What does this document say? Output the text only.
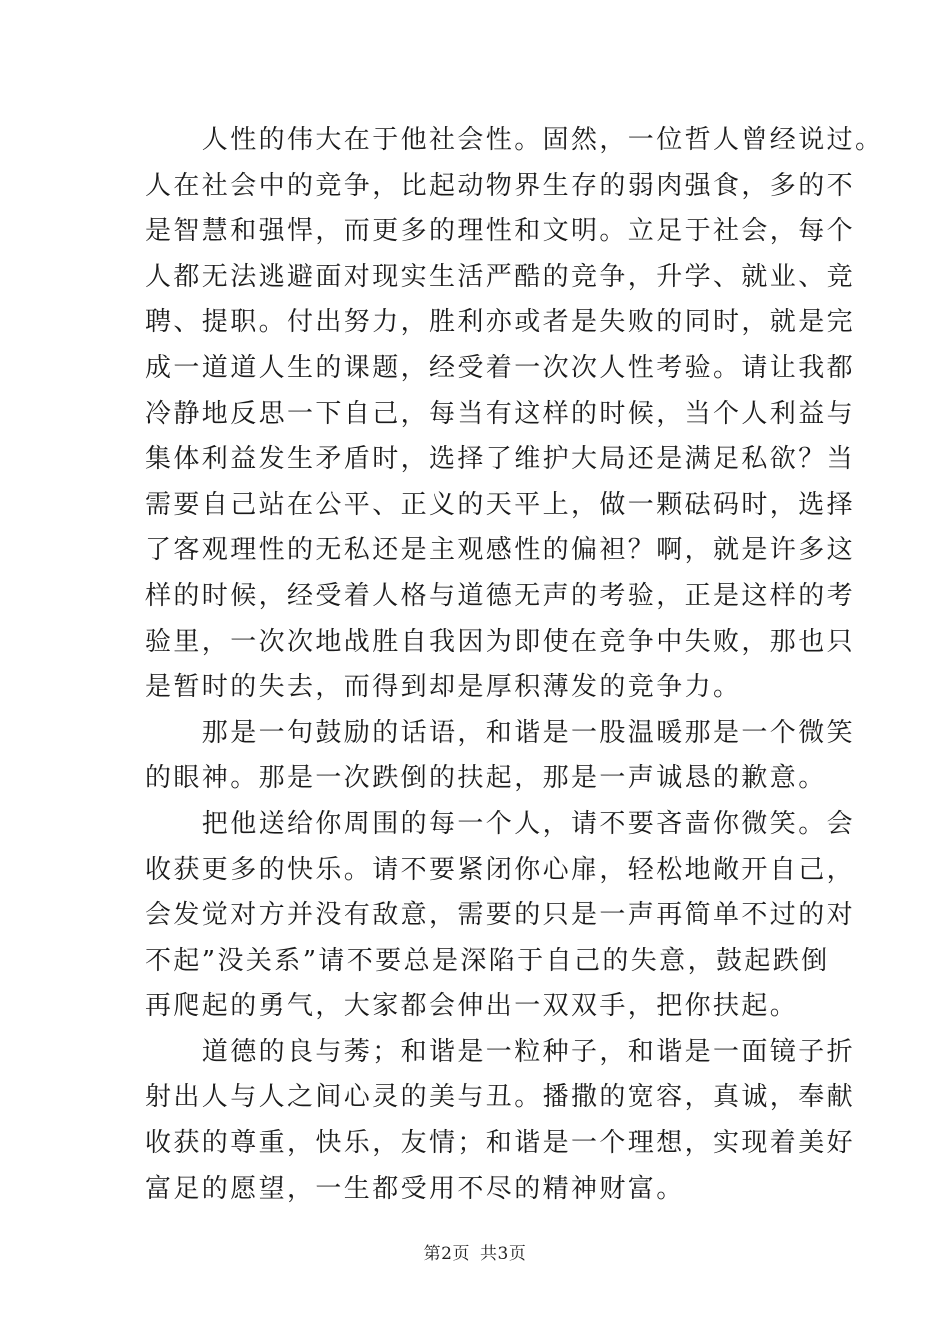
　　人性的伟大在于他社会性。固然，一位哲人曾经说过。
人在社会中的竞争，比起动物界生存的弱肉强食，多的不
是智慧和强悍，而更多的理性和文明。立足于社会，每个
人都无法逃避面对现实生活严酷的竞争，升学、就业、竞
聘、提职。付出努力，胜利亦或者是失败的同时，就是完
成一道道人生的课题，经受着一次次人性考验。请让我都
冷静地反思一下自己，每当有这样的时候，当个人利益与
集体利益发生矛盾时，选择了维护大局还是满足私欲？当
需要自己站在公平、正义的天平上，做一颗砝码时，选择
了客观理性的无私还是主观感性的偏袒？啊，就是许多这
样的时候，经受着人格与道德无声的考验，正是这样的考
验里，一次次地战胜自我因为即使在竞争中失败，那也只
是暂时的失去，而得到却是厚积薄发的竞争力。
　　那是一句鼓励的话语，和谐是一股温暖那是一个微笑
的眼神。那是一次跌倒的扶起，那是一声诚恳的歉意。
　　把他送给你周围的每一个人，请不要吝啬你微笑。会
收获更多的快乐。请不要紧闭你心扉，轻松地敞开自己，
会发觉对方并没有敌意，需要的只是一声再简单不过的对
不起”没关系”请不要总是深陷于自己的失意，鼓起跌倒
再爬起的勇气，大家都会伸出一双双手，把你扶起。
　　道德的良与莠；和谐是一粒种子，和谐是一面镜子折
射出人与人之间心灵的美与丑。播撒的宽容，真诚，奉献
收获的尊重，快乐，友情；和谐是一个理想，实现着美好
富足的愿望，一生都受用不尽的精神财富。
第2页 共3页
